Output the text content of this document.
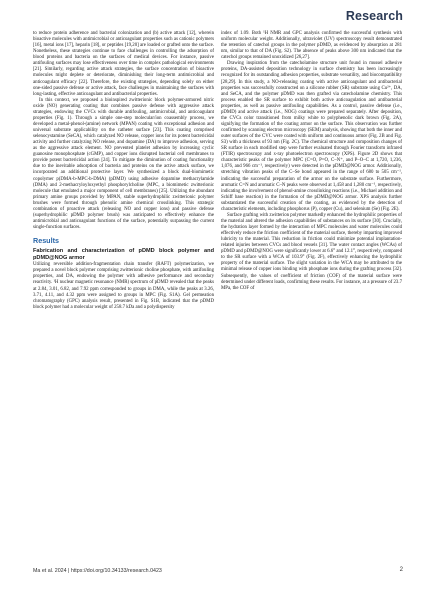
Research

to reduce protein adherence and bacterial colonization and (b) active attack [12], wherein bioactive molecules with antimicrobial or anticoagulant properties such as cationic polymers [16], metal ions [17], heparin [18], or peptides [19,20] are loaded or grafted onto the surface. Nonetheless, these strategies continue to face challenges in controlling the adsorption of blood proteins and bacteria on the surfaces of medical devices. For instance, passive antifouling surfaces may lose effectiveness over time in complex pathological environments [21]. Similarly, regarding active attack strategies, the surface concentration of bioactive molecules might deplete or deteriorate, diminishing their long-term antimicrobial and anticoagulant efficacy [22]. Therefore, the existing strategies, depending solely on either one-sided passive defense or active attack, face challenges in maintaining the surfaces with long-lasting, effective anticoagulant and antibacterial properties.

In this context, we proposed a bioinspired zwitterionic block polymer-armored nitric oxide (NO) generating coating that combines passive defense with aggressive attack strategies, endowing the CVCs with durable antifouling, antimicrobial, and anticoagulant properties (Fig. 1). Through a simple one-step molecular/ion coassembly process, we developed a metal-phenol-(amine) network (MPAN) coating with exceptional adhesion and universal substrate applicability on the catheter surface [23]. This coating comprised selenocystamine (SeCA), which catalyzed NO release, copper ions for its potent bactericidal activity and further catalyzing NO release, and dopamine (DA) to improve adhesion, serving as the aggressive attack element. NO prevented platelet adhesion by increasing cyclic guanosine monophosphate (cGMP), and copper ions disrupted bacterial cell membranes to provide potent bactericidal action [24]. To mitigate the diminution of coating functionality due to the inevitable adsorption of bacteria and proteins on the active attack surface, we incorporated an additional protective layer. We synthesized a block dual-biomimetic copolymer p(DMA-b-MPC-b-DMA) (pDMD) using adhesive dopamine methacrylamide (DMA) and 2-methacryloyloxyethyl phosphorylcholine (MPC, a biomimetic zwitterionic molecule that emulated a major component of cell membranes) [25]. Utilizing the abundant primary amine groups provided by MPAN, stable superhydrophilic zwitterionic polymer brushes were formed through phenolic amine chemical crosslinking. This strategic combination of proactive attack (releasing NO and copper ions) and passive defense (superhydrophilic pDMD polymer brush) was anticipated to effectively enhance the antimicrobial and anticoagulant functions of the surface, potentially surpassing the current single-function surfaces.

Results
Fabrication and characterization of pDMD block polymer and pDMD@NOG armor

Utilizing reversible addition-fragmentation chain transfer (RAFT) polymerization, we prepared a novel block polymer comprising zwitterionic choline phosphate, with antifouling properties, and DA, endowing the polymer with adhesive performance and secondary reactivity. ¹H nuclear magnetic resonance (NMR) spectrum of pDMD revealed that the peaks at 2.84, 3.01, 6.82, and 7.92 ppm corresponded to groups in DMA, while the peaks at 3.26, 3.71, 4.11, and 4.32 ppm were assigned to groups in MPC (Fig. S1A). Gel permeation chromatography (GPC) analysis result, presented in Fig. S1B, indicated that the pDMD block polymer had a molecular weight of 258.7 kDa and a polydispersity

index of 1.09. Both ¹H NMR and GPC analysis confirmed the successful synthesis with uniform molecular weight. Additionally, ultraviolet (UV) spectroscopy result demonstrated the retention of catechol groups in the polymer pDMD, as evidenced by absorption at 281 nm, similar to that of DA (Fig. S2). The absence of peaks above 300 nm indicated that the catechol groups remained unoxidized [26,27].

Drawing inspiration from the catecholamine structure unit found in mussel adhesive proteins, DA-assisted deposition technology in surface chemistry has been increasingly recognized for its outstanding adhesion properties, substrate versatility, and biocompatibility [28,29]. In this study, a NO-releasing coating with active anticoagulant and antibacterial properties was successfully constructed on a silicone rubber (SR) substrate using Cu²⁺, DA, and SeCA, and the polymer pDMD was then grafted via catecholamine chemistry. This process enabled the SR surface to exhibit both active anticoagulation and antibacterial properties, as well as passive antifouling capabilities. As a control, passive defense (i.e., pDMD) and active attack (i.e., NOG) coatings were prepared separately. After deposition, the CVCs color transitioned from milky white to polyphenolic dark brown (Fig. 2A), signifying the formation of the coating armor on the surface. This observation was further confirmed by scanning electron microscopy (SEM) analysis, showing that both the inner and outer surfaces of the CVC were coated with uniform and continuous armor (Fig. 2B and Fig. S3) with a thickness of 93 nm (Fig. 2C). The chemical structure and composition changes of SR surface in each modified step were further evaluated through Fourier transform infrared (FTIR) spectroscopy and x-ray photoelectron spectroscopy (XPS). Figure 2D shows that characteristic peaks of the polymer MPC (C=O, P=O, C–N⁺, and P–O–C at 1,720, 1,236, 1,076, and 966 cm⁻¹, respectively) were detected in the pDMD@NOG armor. Additionally, stretching vibration peaks of the C–Se bond appeared in the range of 680 to 505 cm⁻¹, indicating the successful preparation of the armor on the substrate surface. Furthermore, aromatic C=N and aromatic C–N peaks were observed at 1,458 and 1,280 cm⁻¹, respectively, indicating the involvement of phenol-amine crosslinking reactions (i.e., Michael addition and Schiff base reaction) in the formation of the pDMD@NOG armor. XPS analysis further substantiated the successful creation of the coating, as evidenced by the detection of characteristic elements, including phosphorus (P), copper (Cu), and selenium (Se) (Fig. 2E).

Surface grafting with zwitterion polymer markedly enhanced the hydrophilic properties of the material and altered the adhesion capabilities of substances on its surface [30]. Crucially, the hydration layer formed by the interaction of MPC molecules and water molecules could effectively reduce the friction coefficient of the material surface, thereby imparting improved lubricity to the material. This reduction in friction could minimize potential implantation-related injuries between CVCs and blood vessels [31]. The water contact angles (WCAs) of pDMD and pDMD@NOG were significantly lower at 6.6° and 12.1°, respectively, compared to the SR surface with a WCA of 103.9° (Fig. 2F), effectively enhancing the hydrophilic property of the material surface. The slight variation in the WCA may be attributed to the minimal release of copper ions binding with phosphate ions during the grafting process [32]. Subsequently, the values of coefficient of friction (COF) of the material surface were determined under different loads, confirming these results. For instance, at a pressure of 23.7 MPa, the COF of

Ma et al. 2024 | https://doi.org/10.34133/research.0423	2
